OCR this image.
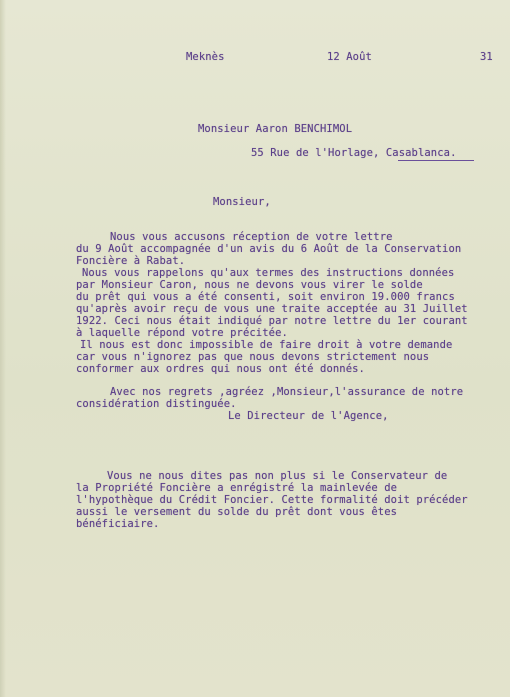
Meknès	12 Août	31
Monsieur Aaron BENCHIMOL
55 Rue de l'Horlage, Casablanca.
Monsieur,
Nous vous accusons réception de votre lettre
du 9 Août accompagnée d'un avis du 6 Août de la Conservation
Foncière à Rabat.
Nous vous rappelons qu'aux termes des instructions données
par Monsieur Caron, nous ne devons vous virer le solde
du prêt qui vous a été consenti, soit environ 19.000 francs
qu'après avoir reçu de vous une traite acceptée au 31 Juillet
1922. Ceci nous était indiqué par notre lettre du 1er courant
à laquelle répond votre précitée.
Il nous est donc impossible de faire droit à votre demande
car vous n'ignorez pas que nous devons strictement nous
conformer aux ordres qui nous ont été donnés.
Avec nos regrets ,agréez ,Monsieur,l'assurance de notre
considération distinguée.
Le Directeur de l'Agence,
Vous ne nous dites pas non plus si le Conservateur de
la Propriété Foncière a enrégistré la mainlevée de
l'hypothèque du Crédit Foncier. Cette formalité doit précéder
aussi le versement du solde du prêt dont vous êtes
bénéficiaire.
